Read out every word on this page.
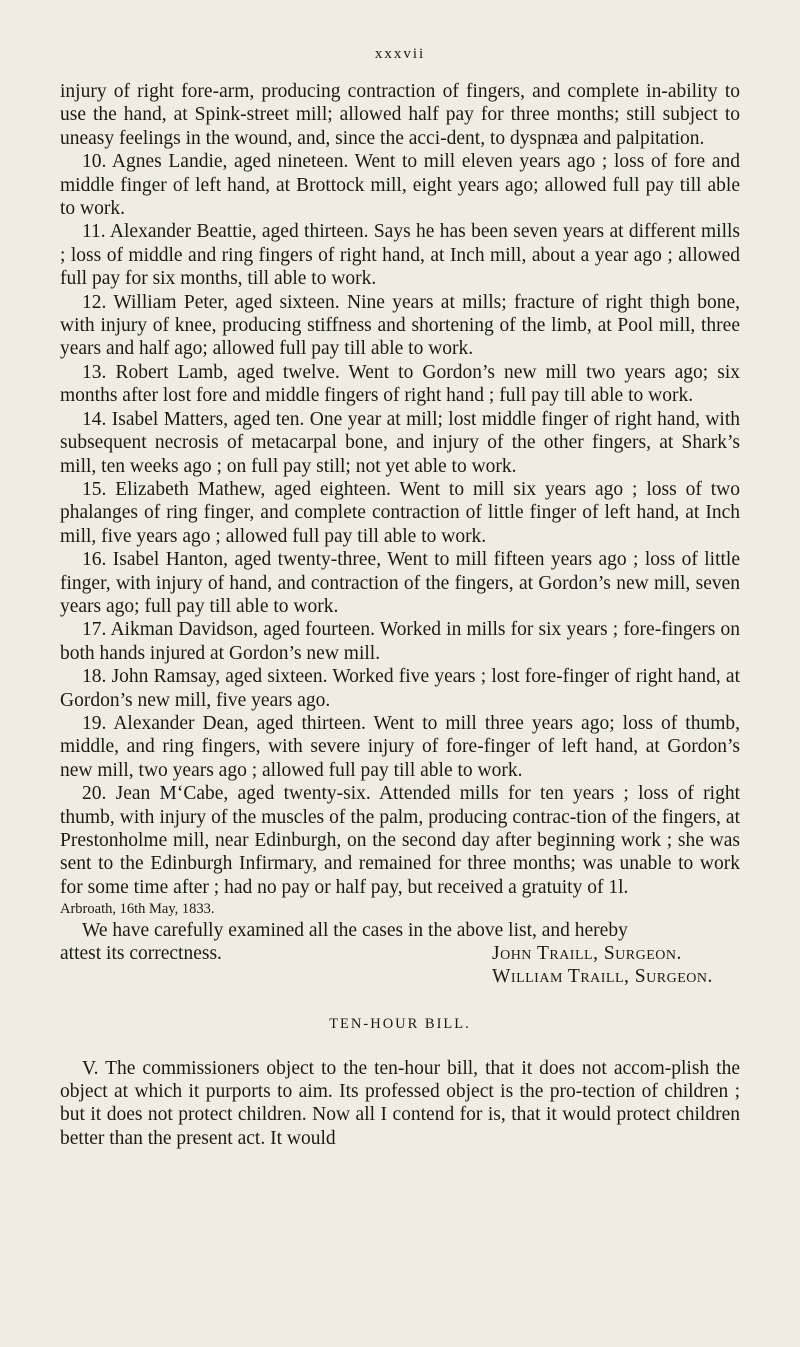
xxxvii

injury of right fore-arm, producing contraction of fingers, and complete in-ability to use the hand, at Spink-street mill; allowed half pay for three months; still subject to uneasy feelings in the wound, and, since the acci-dent, to dyspnæa and palpitation.

10. Agnes Landie, aged nineteen. Went to mill eleven years ago ; loss of fore and middle finger of left hand, at Brottock mill, eight years ago; allowed full pay till able to work.

11. Alexander Beattie, aged thirteen. Says he has been seven years at different mills ; loss of middle and ring fingers of right hand, at Inch mill, about a year ago ; allowed full pay for six months, till able to work.

12. William Peter, aged sixteen. Nine years at mills; fracture of right thigh bone, with injury of knee, producing stiffness and shortening of the limb, at Pool mill, three years and half ago; allowed full pay till able to work.

13. Robert Lamb, aged twelve. Went to Gordon’s new mill two years ago; six months after lost fore and middle fingers of right hand ; full pay till able to work.

14. Isabel Matters, aged ten. One year at mill; lost middle finger of right hand, with subsequent necrosis of metacarpal bone, and injury of the other fingers, at Shark’s mill, ten weeks ago ; on full pay still; not yet able to work.

15. Elizabeth Mathew, aged eighteen. Went to mill six years ago ; loss of two phalanges of ring finger, and complete contraction of little finger of left hand, at Inch mill, five years ago ; allowed full pay till able to work.

16. Isabel Hanton, aged twenty-three, Went to mill fifteen years ago ; loss of little finger, with injury of hand, and contraction of the fingers, at Gordon’s new mill, seven years ago; full pay till able to work.

17. Aikman Davidson, aged fourteen. Worked in mills for six years ; fore-fingers on both hands injured at Gordon’s new mill.

18. John Ramsay, aged sixteen. Worked five years ; lost fore-finger of right hand, at Gordon’s new mill, five years ago.

19. Alexander Dean, aged thirteen. Went to mill three years ago; loss of thumb, middle, and ring fingers, with severe injury of fore-finger of left hand, at Gordon’s new mill, two years ago ; allowed full pay till able to work.

20. Jean M‘Cabe, aged twenty-six. Attended mills for ten years ; loss of right thumb, with injury of the muscles of the palm, producing contrac-tion of the fingers, at Prestonholme mill, near Edinburgh, on the second day after beginning work ; she was sent to the Edinburgh Infirmary, and remained for three months; was unable to work for some time after ; had no pay or half pay, but received a gratuity of 1l.

Arbroath, 16th May, 1833.

We have carefully examined all the cases in the above list, and hereby
attest its correctness.	John Traill, Surgeon.
William Traill, Surgeon.
TEN-HOUR BILL.

V. The commissioners object to the ten-hour bill, that it does not accom-plish the object at which it purports to aim. Its professed object is the pro-tection of children ; but it does not protect children. Now all I contend for is, that it would protect children better than the present act. It would
